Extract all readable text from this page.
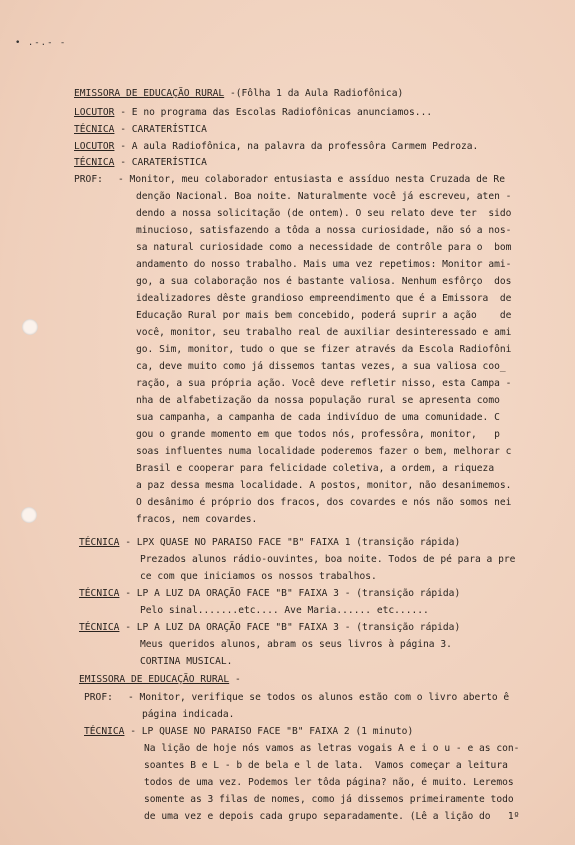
• .-.- -
EMISSORA DE EDUCAÇÃO RURAL -(Fôlha 1 da Aula Radiofônica)
LOCUTOR - E no programa das Escolas Radiofônicas anunciamos...
TÉCNICA - CARATERÍSTICA
LOCUTOR - A aula Radiofônica, na palavra da professôra Carmem Pedroza.
TÉCNICA - CARATERÍSTICA
PROF: - Monitor, meu colaborador entusiasta e assíduo nesta Cruzada de Re
denção Nacional. Boa noite. Naturalmente você já escreveu, aten -
dendo a nossa solicitação (de ontem). O seu relato deve ter  sido
minucioso, satisfazendo a tôda a nossa curiosidade, não só a nos-
sa natural curiosidade como a necessidade de contrôle para o  bom
andamento do nosso trabalho. Mais uma vez repetimos: Monitor ami-
go, a sua colaboração nos é bastante valiosa. Nenhum esfôrço  dos
idealizadores dêste grandioso empreendimento que é a Emissora  de
Educação Rural por mais bem concebido, poderá suprir a ação    de
você, monitor, seu trabalho real de auxiliar desinteressado e ami
go. Sim, monitor, tudo o que se fizer através da Escola Radiofôni
ca, deve muito como já dissemos tantas vezes, a sua valiosa coo_
ração, a sua própria ação. Você deve refletir nisso, esta Campa -
nha de alfabetização da nossa população rural se apresenta como
sua campanha, a campanha de cada indivíduo de uma comunidade. C
gou o grande momento em que todos nós, professôra, monitor,   p
soas influentes numa localidade poderemos fazer o bem, melhorar c
Brasil e cooperar para felicidade coletiva, a ordem, a riqueza
a paz dessa mesma localidade. A postos, monitor, não desanimemos.
O desânimo é próprio dos fracos, dos covardes e nós não somos nei
fracos, nem covardes.
TÉCNICA - LPX QUASE NO PARAISO FACE "B" FAIXA 1 (transição rápida)
Prezados alunos rádio-ouvintes, boa noite. Todos de pé para a pre
ce com que iniciamos os nossos trabalhos.
TÉCNICA - LP A LUZ DA ORAÇÃO FACE "B" FAIXA 3 - (transição rápida)
Pelo sinal.......etc.... Ave Maria...... etc......
TÉCNICA - LP A LUZ DA ORAÇÃO FACE "B" FAIXA 3 - (transição rápida)
Meus queridos alunos, abram os seus livros à página 3.
CORTINA MUSICAL.
EMISSORA DE EDUCAÇÃO RURAL -
PROF: - Monitor, verifique se todos os alunos estão com o livro aberto ê
página indicada.
TÉCNICA - LP QUASE NO PARAISO FACE "B" FAIXA 2 (1 minuto)
Na lição de hoje nós vamos as letras vogais A e i o u - e as con-
soantes B e L - b de bela e l de lata.  Vamos começar a leitura
todos de uma vez. Podemos ler tôda página? não, é muito. Leremos
somente as 3 filas de nomes, como já dissemos primeiramente todo
de uma vez e depois cada grupo separadamente. (Lê a lição do   1º
